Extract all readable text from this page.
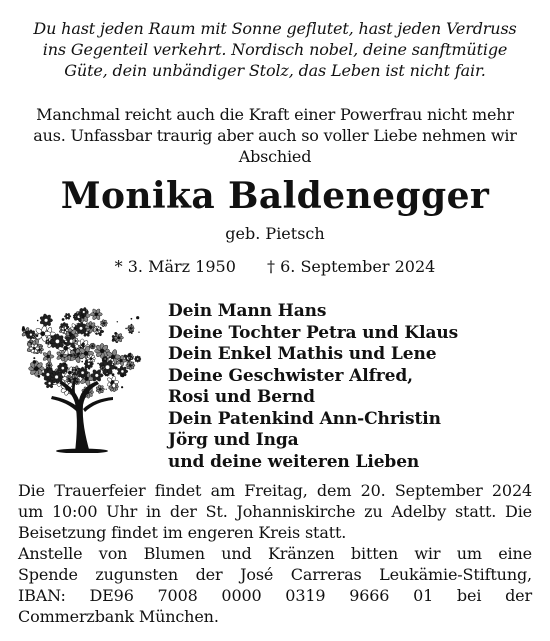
Du hast jeden Raum mit Sonne geflutet, hast jeden Verdruss
ins Gegenteil verkehrt. Nordisch nobel, deine sanftmütige
Güte, dein unbändiger Stolz, das Leben ist nicht fair.
Manchmal reicht auch die Kraft einer Powerfrau nicht mehr
aus. Unfassbar traurig aber auch so voller Liebe nehmen wir
Abschied
Monika Baldenegger
geb. Pietsch
* 3. März 1950 † 6. September 2024
Dein Mann Hans
Deine Tochter Petra und Klaus
Dein Enkel Mathis und Lene
Deine Geschwister Alfred,
Rosi und Bernd
Dein Patenkind Ann-Christin
Jörg und Inga
und deine weiteren Lieben

Die Trauerfeier findet am Freitag, dem 20. September 2024
um 10:00 Uhr in der St. Johanniskirche zu Adelby statt. Die
Beisetzung findet im engeren Kreis statt.

Anstelle von Blumen und Kränzen bitten wir um eine
Spende zugunsten der José Carreras Leukämie-Stiftung,
IBAN: DE96 7008 0000 0319 9666 01 bei der
Commerzbank München.
